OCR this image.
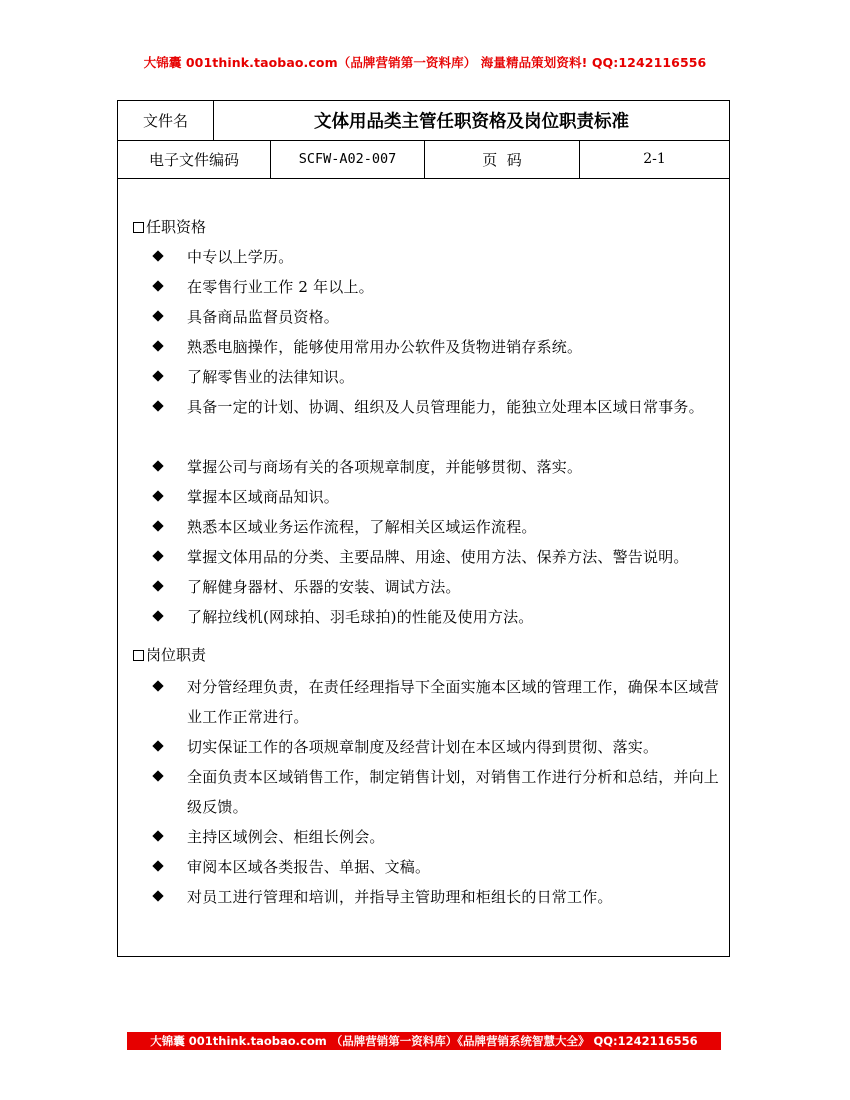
大锦囊 001think.taobao.com（品牌营销第一资料库） 海量精品策划资料! QQ:1242116556
文件名	文体用品类主管任职资格及岗位职责标准
电子文件编码	SCFW-A02-007	页  码	2-1
任职资格
中专以上学历。
在零售行业工作 2 年以上。
具备商品监督员资格。
熟悉电脑操作，能够使用常用办公软件及货物进销存系统。
了解零售业的法律知识。
具备一定的计划、协调、组织及人员管理能力，能独立处理本区域日常事务。
掌握公司与商场有关的各项规章制度，并能够贯彻、落实。
掌握本区域商品知识。
熟悉本区域业务运作流程，了解相关区域运作流程。
掌握文体用品的分类、主要品牌、用途、使用方法、保养方法、警告说明。
了解健身器材、乐器的安装、调试方法。
了解拉线机(网球拍、羽毛球拍)的性能及使用方法。
岗位职责
对分管经理负责，在责任经理指导下全面实施本区域的管理工作，确保本区域营业工作正常进行。
切实保证工作的各项规章制度及经营计划在本区域内得到贯彻、落实。
全面负责本区域销售工作，制定销售计划，对销售工作进行分析和总结，并向上级反馈。
主持区域例会、柜组长例会。
审阅本区域各类报告、单据、文稿。
对员工进行管理和培训，并指导主管助理和柜组长的日常工作。
大锦囊 001think.taobao.com （品牌营销第一资料库）《品牌营销系统智慧大全》 QQ:1242116556
